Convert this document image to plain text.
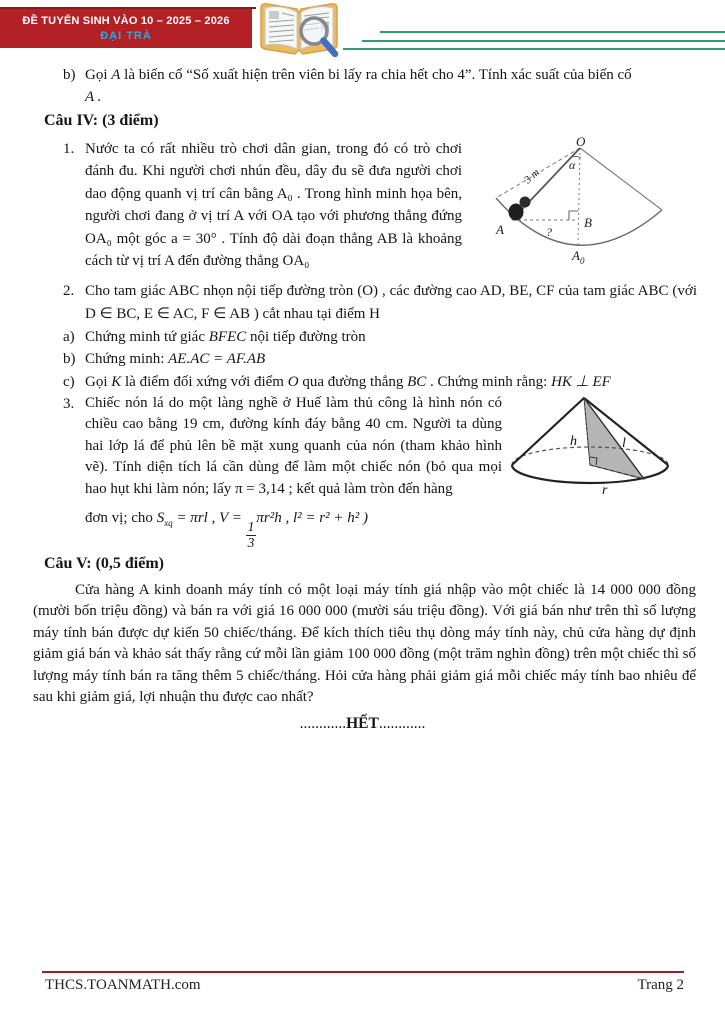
ĐỀ TUYỂN SINH VÀO 10 – 2025 – 2026
ĐẠI TRÀ
b) Gọi A là biến cố “Số xuất hiện trên viên bi lấy ra chia hết cho 4”. Tính xác suất của biến cố
A .
Câu IV: (3 điểm)
1. Nước ta có rất nhiều trò chơi dân gian, trong đó có trò chơi đánh đu. Khi người chơi nhún đều, dây đu sẽ đưa người chơi dao động quanh vị trí cân bằng A₀ . Trong hình minh họa bên, người chơi đang ở vị trí A với OA tạo với phương thẳng đứng OA₀ một góc a = 30° . Tính độ dài đoạn thẳng AB là khoảng cách từ vị trí A đến đường thẳng OA₀
O
α
3 m
A	B
?
$A_0$
2. Cho tam giác ABC nhọn nội tiếp đường tròn (O) , các đường cao AD, BE, CF của tam giác ABC (với D ∈ BC, E ∈ AC, F ∈ AB ) cắt nhau tại điểm H
a) Chứng minh tứ giác BFEC nội tiếp đường tròn
b) Chứng minh: AE.AC = AF.AB
c) Gọi K là điểm đối xứng với điểm O qua đường thẳng BC . Chứng minh rằng: HK ⊥ EF
3. Chiếc nón lá do một làng nghề ở Huế làm thủ công là hình nón có chiều cao bằng 19 cm, đường kính đáy bằng 40 cm. Người ta dùng hai lớp lá để phủ lên bề mặt xung quanh của nón (tham khảo hình vẽ). Tính diện tích lá cần dùng để làm một chiếc nón (bỏ qua mọi hao hụt khi làm nón; lấy π = 3,14 ; kết quả làm tròn đến hàng
đơn vị; cho $S_{xq} = \pi rl$ , V =
$\frac{1}{3}$
πr²h , l² = r² + h² )
h	l
r
Câu V: (0,5 điểm)
Cửa hàng A kinh doanh máy tính có một loại máy tính giá nhập vào một chiếc là 14 000 000 đồng (mười bốn triệu đồng) và bán ra với giá 16 000 000 (mười sáu triệu đồng). Với giá bán như trên thì số lượng máy tính bán được dự kiến 50 chiếc/tháng. Để kích thích tiêu thụ dòng máy tính này, chủ cửa hàng dự định giảm giá bán và khảo sát thấy rằng cứ mỗi lần giảm 100 000 đồng (một trăm nghìn đồng) trên một chiếc thì số lượng máy tính bán ra tăng thêm 5 chiếc/tháng. Hỏi cửa hàng phải giảm giá mỗi chiếc máy tính bao nhiêu để sau khi giảm giá, lợi nhuận thu được cao nhất?
............HẾT............
THCS.TOANMATH.com	Trang 2
